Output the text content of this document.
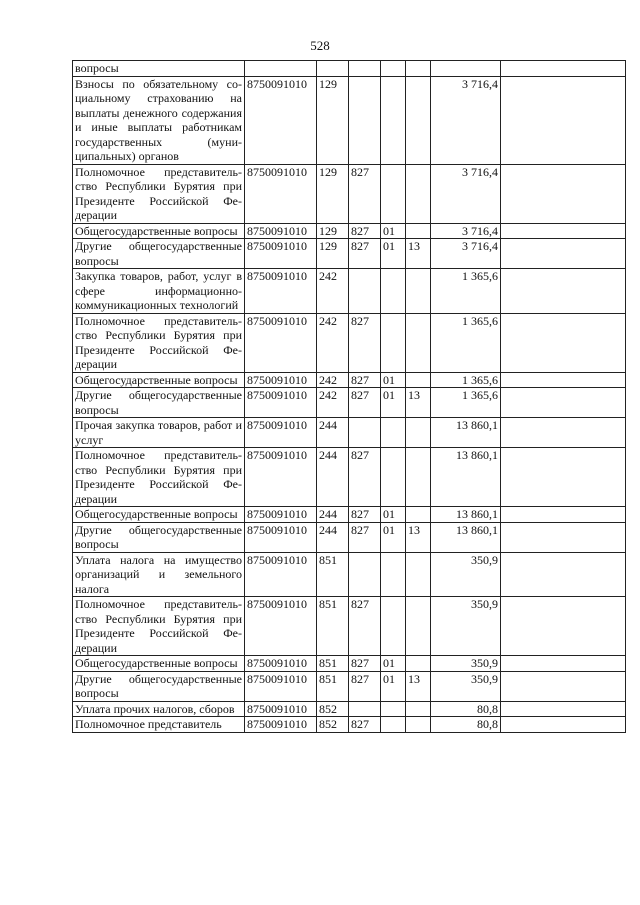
528
вопросы							
Взносы по обязательному социальному страхованию на выплаты денежного содержания и иные выплаты работникам государственных (муниципальных) органов	8750091010	129				3 716,4	
Полномочное представительство Республики Бурятия при Президенте Российской Федерации	8750091010	129	827			3 716,4	
Общегосударственные вопросы	8750091010	129	827	01		3 716,4	
Другие общегосударственные вопросы	8750091010	129	827	01	13	3 716,4	
Закупка товаров, работ, услуг в сфере информационно-коммуникационных технологий	8750091010	242				1 365,6	
Полномочное представительство Республики Бурятия при Президенте Российской Федерации	8750091010	242	827			1 365,6	
Общегосударственные вопросы	8750091010	242	827	01		1 365,6	
Другие общегосударственные вопросы	8750091010	242	827	01	13	1 365,6	
Прочая закупка товаров, работ и услуг	8750091010	244				13 860,1	
Полномочное представительство Республики Бурятия при Президенте Российской Федерации	8750091010	244	827			13 860,1	
Общегосударственные вопросы	8750091010	244	827	01		13 860,1	
Другие общегосударственные вопросы	8750091010	244	827	01	13	13 860,1	
Уплата налога на имущество организаций и земельного налога	8750091010	851				350,9	
Полномочное представительство Республики Бурятия при Президенте Российской Федерации	8750091010	851	827			350,9	
Общегосударственные вопросы	8750091010	851	827	01		350,9	
Другие общегосударственные вопросы	8750091010	851	827	01	13	350,9	
Уплата прочих налогов, сборов	8750091010	852				80,8	
Полномочное представитель	8750091010	852	827			80,8	
